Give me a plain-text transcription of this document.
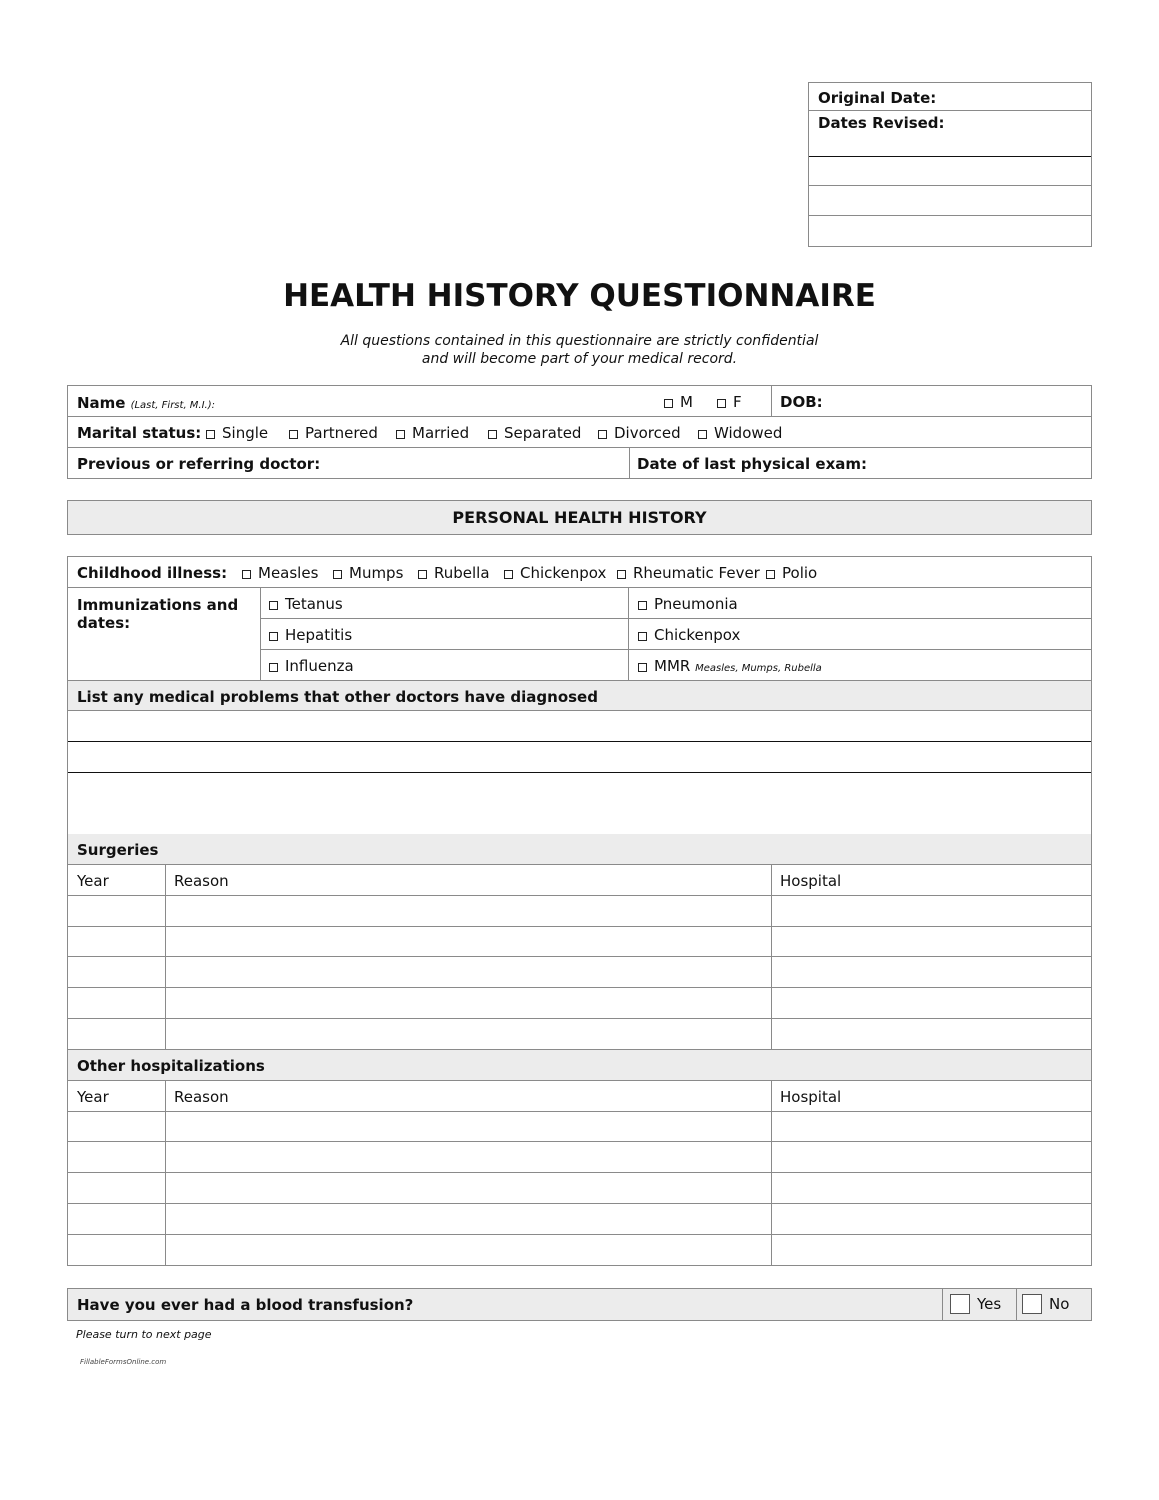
Original Date:
Dates Revised:
HEALTH HISTORY QUESTIONNAIRE
All questions contained in this questionnaire are strictly confidential
and will become part of your medical record.
Name (Last, First, M.I.):	M	F	DOB:
Marital status:	Single	Partnered	Married	Separated	Divorced	Widowed
Previous or referring doctor:	Date of last physical exam:
PERSONAL HEALTH HISTORY
Childhood illness:	Measles	Mumps	Rubella	Chickenpox	Rheumatic Fever	Polio
Immunizations and
dates:
Tetanus	Pneumonia
Hepatitis	Chickenpox
Influenza	MMR Measles, Mumps, Rubella
List any medical problems that other doctors have diagnosed
Surgeries
Year	Reason	Hospital
Other hospitalizations
Year	Reason	Hospital
Have you ever had a blood transfusion?	Yes	No
Please turn to next page
FillableFormsOnline.com
